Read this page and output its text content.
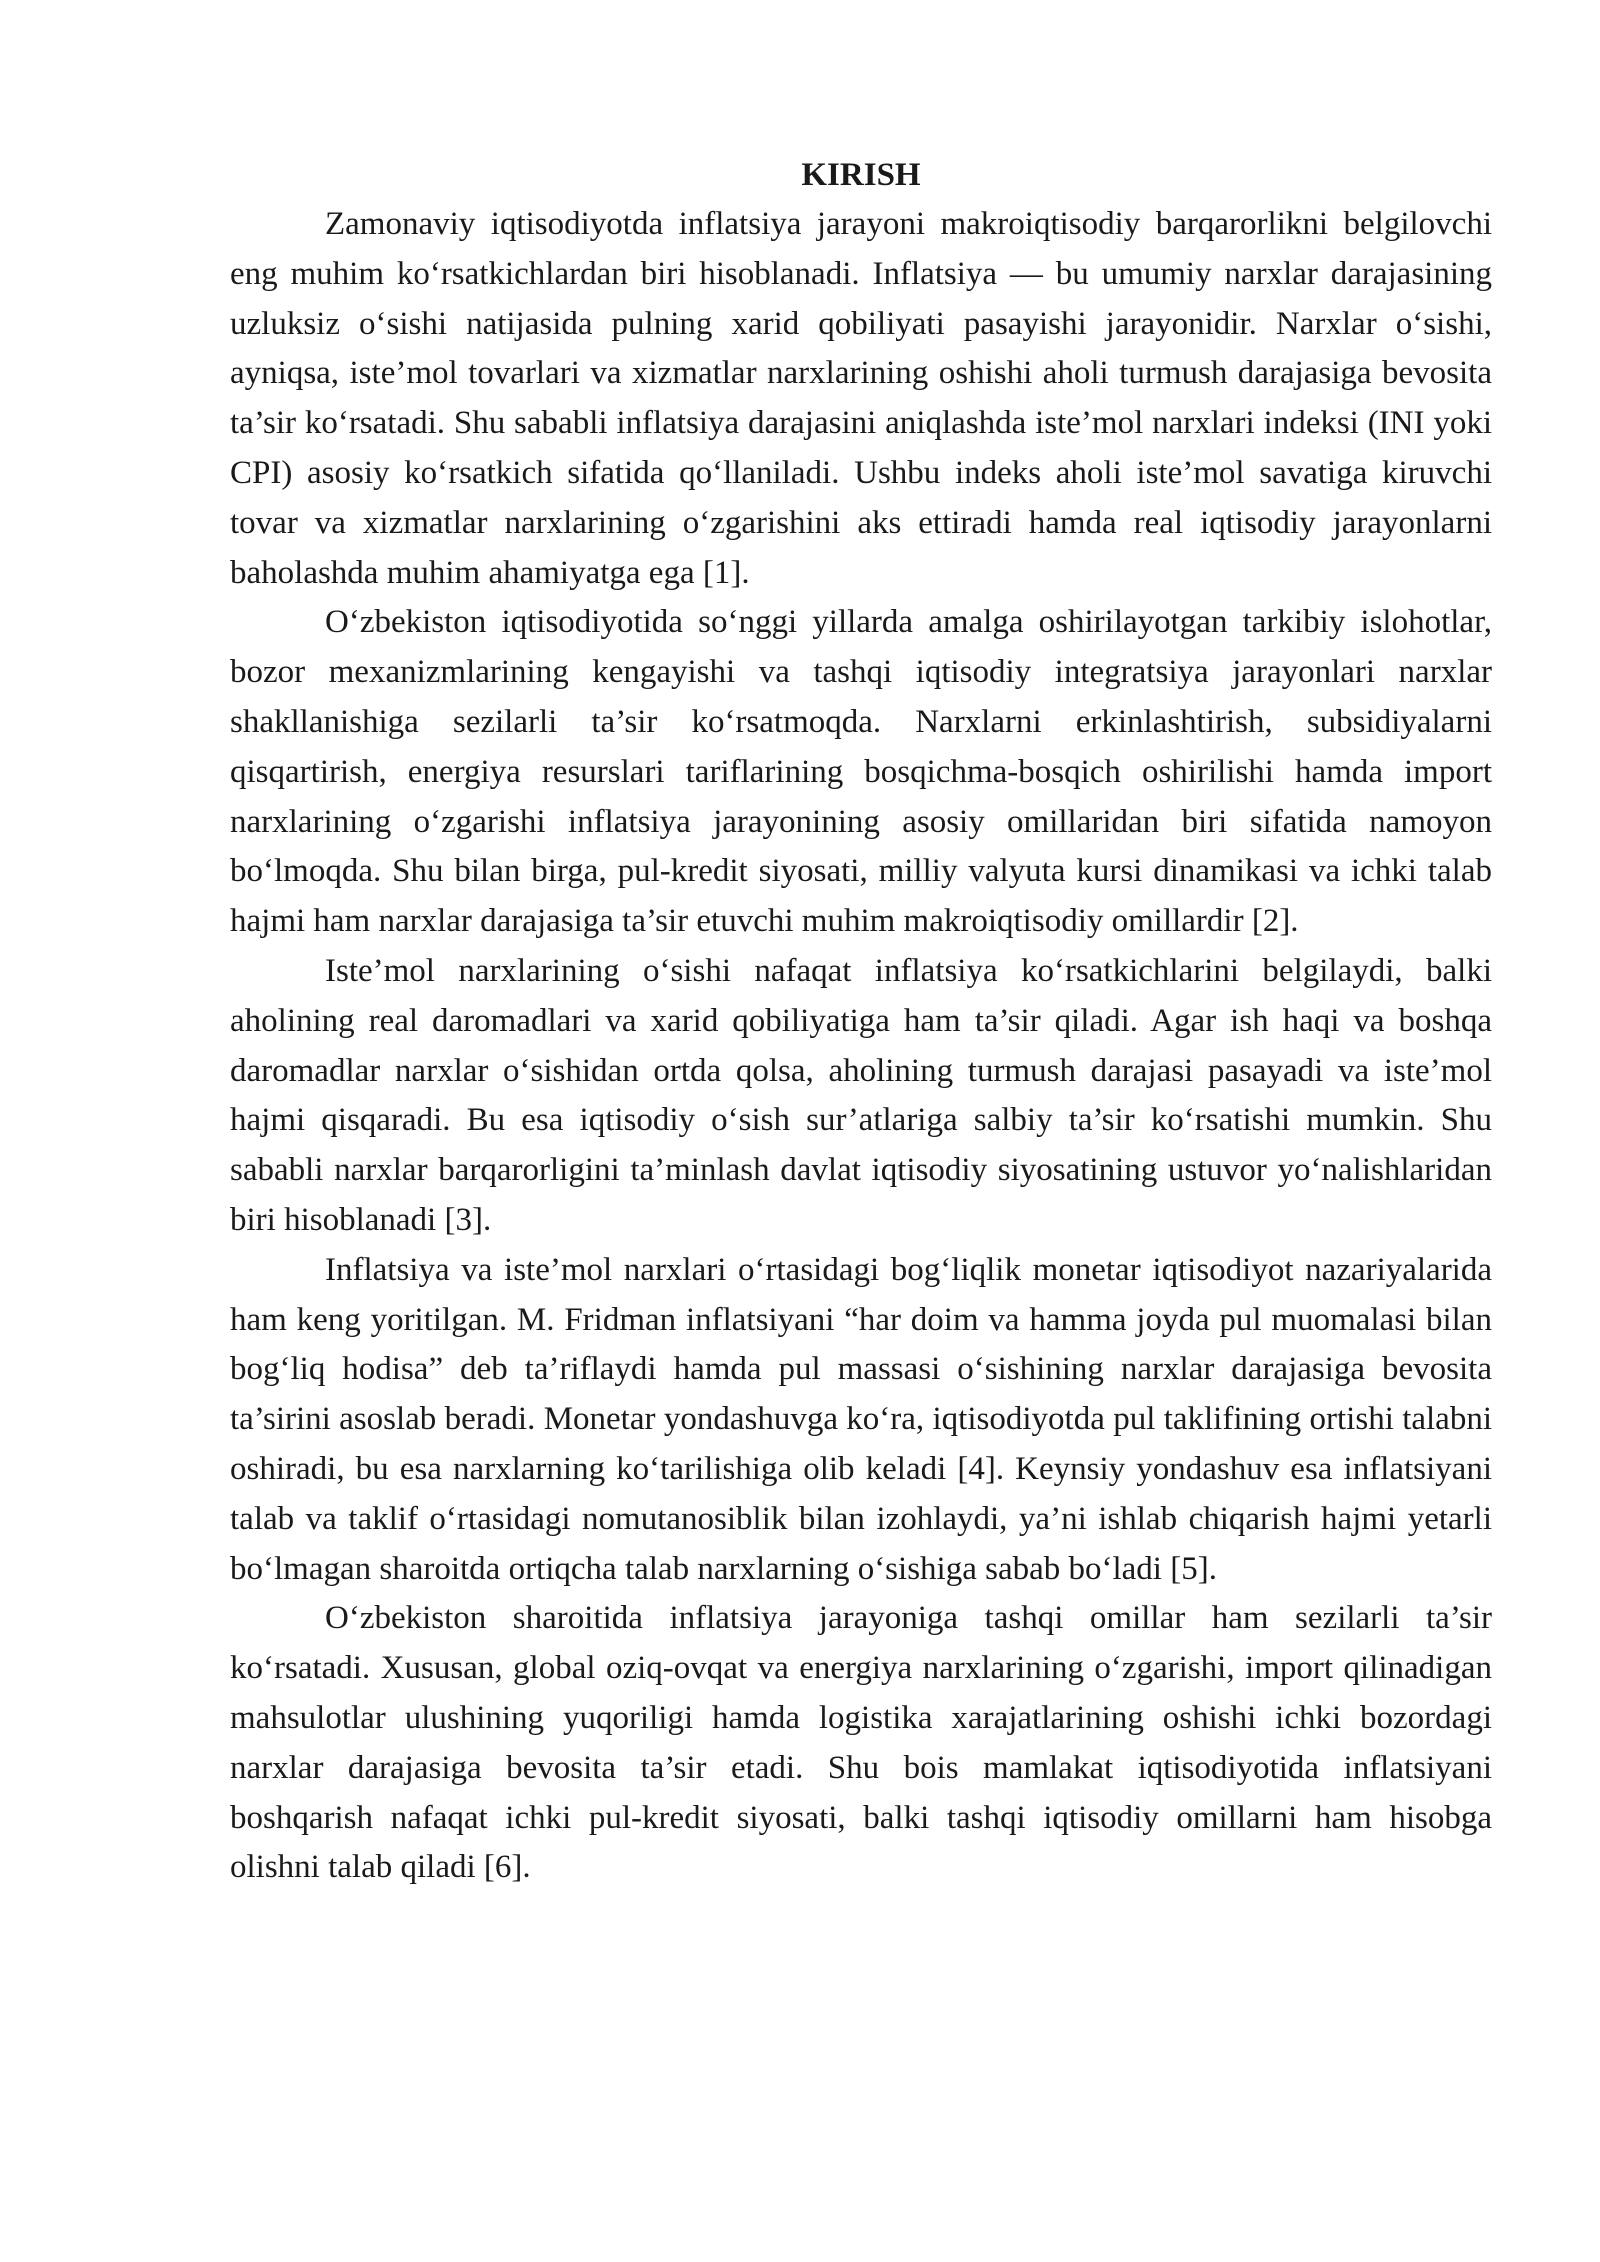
KIRISH

Zamonaviy iqtisodiyotda inflatsiya jarayoni makroiqtisodiy barqarorlikni belgilovchi eng muhim ko‘rsatkichlardan biri hisoblanadi. Inflatsiya — bu umumiy narxlar darajasining uzluksiz o‘sishi natijasida pulning xarid qobiliyati pasayishi jarayonidir. Narxlar o‘sishi, ayniqsa, iste’mol tovarlari va xizmatlar narxlarining oshishi aholi turmush darajasiga bevosita ta’sir ko‘rsatadi. Shu sababli inflatsiya darajasini aniqlashda iste’mol narxlari indeksi (INI yoki CPI) asosiy ko‘rsatkich sifatida qo‘llaniladi. Ushbu indeks aholi iste’mol savatiga kiruvchi tovar va xizmatlar narxlarining o‘zgarishini aks ettiradi hamda real iqtisodiy jarayonlarni baholashda muhim ahamiyatga ega [1].

O‘zbekiston iqtisodiyotida so‘nggi yillarda amalga oshirilayotgan tarkibiy islohotlar, bozor mexanizmlarining kengayishi va tashqi iqtisodiy integratsiya jarayonlari narxlar shakllanishiga sezilarli ta’sir ko‘rsatmoqda. Narxlarni erkinlashtirish, subsidiyalarni qisqartirish, energiya resurslari tariflarining bosqichma-bosqich oshirilishi hamda import narxlarining o‘zgarishi inflatsiya jarayonining asosiy omillaridan biri sifatida namoyon bo‘lmoqda. Shu bilan birga, pul-kredit siyosati, milliy valyuta kursi dinamikasi va ichki talab hajmi ham narxlar darajasiga ta’sir etuvchi muhim makroiqtisodiy omillardir [2].

Iste’mol narxlarining o‘sishi nafaqat inflatsiya ko‘rsatkichlarini belgilaydi, balki aholining real daromadlari va xarid qobiliyatiga ham ta’sir qiladi. Agar ish haqi va boshqa daromadlar narxlar o‘sishidan ortda qolsa, aholining turmush darajasi pasayadi va iste’mol hajmi qisqaradi. Bu esa iqtisodiy o‘sish sur’atlariga salbiy ta’sir ko‘rsatishi mumkin. Shu sababli narxlar barqarorligini ta’minlash davlat iqtisodiy siyosatining ustuvor yo‘nalishlaridan biri hisoblanadi [3].

Inflatsiya va iste’mol narxlari o‘rtasidagi bog‘liqlik monetar iqtisodiyot nazariyalarida ham keng yoritilgan. M. Fridman inflatsiyani “har doim va hamma joyda pul muomalasi bilan bog‘liq hodisa” deb ta’riflaydi hamda pul massasi o‘sishining narxlar darajasiga bevosita ta’sirini asoslab beradi. Monetar yondashuvga ko‘ra, iqtisodiyotda pul taklifining ortishi talabni oshiradi, bu esa narxlarning ko‘tarilishiga olib keladi [4]. Keynsiy yondashuv esa inflatsiyani talab va taklif o‘rtasidagi nomutanosiblik bilan izohlaydi, ya’ni ishlab chiqarish hajmi yetarli bo‘lmagan sharoitda ortiqcha talab narxlarning o‘sishiga sabab bo‘ladi [5].

O‘zbekiston sharoitida inflatsiya jarayoniga tashqi omillar ham sezilarli ta’sir ko‘rsatadi. Xususan, global oziq-ovqat va energiya narxlarining o‘zgarishi, import qilinadigan mahsulotlar ulushining yuqoriligi hamda logistika xarajatlarining oshishi ichki bozordagi narxlar darajasiga bevosita ta’sir etadi. Shu bois mamlakat iqtisodiyotida inflatsiyani boshqarish nafaqat ichki pul-kredit siyosati, balki tashqi iqtisodiy omillarni ham hisobga olishni talab qiladi [6].
